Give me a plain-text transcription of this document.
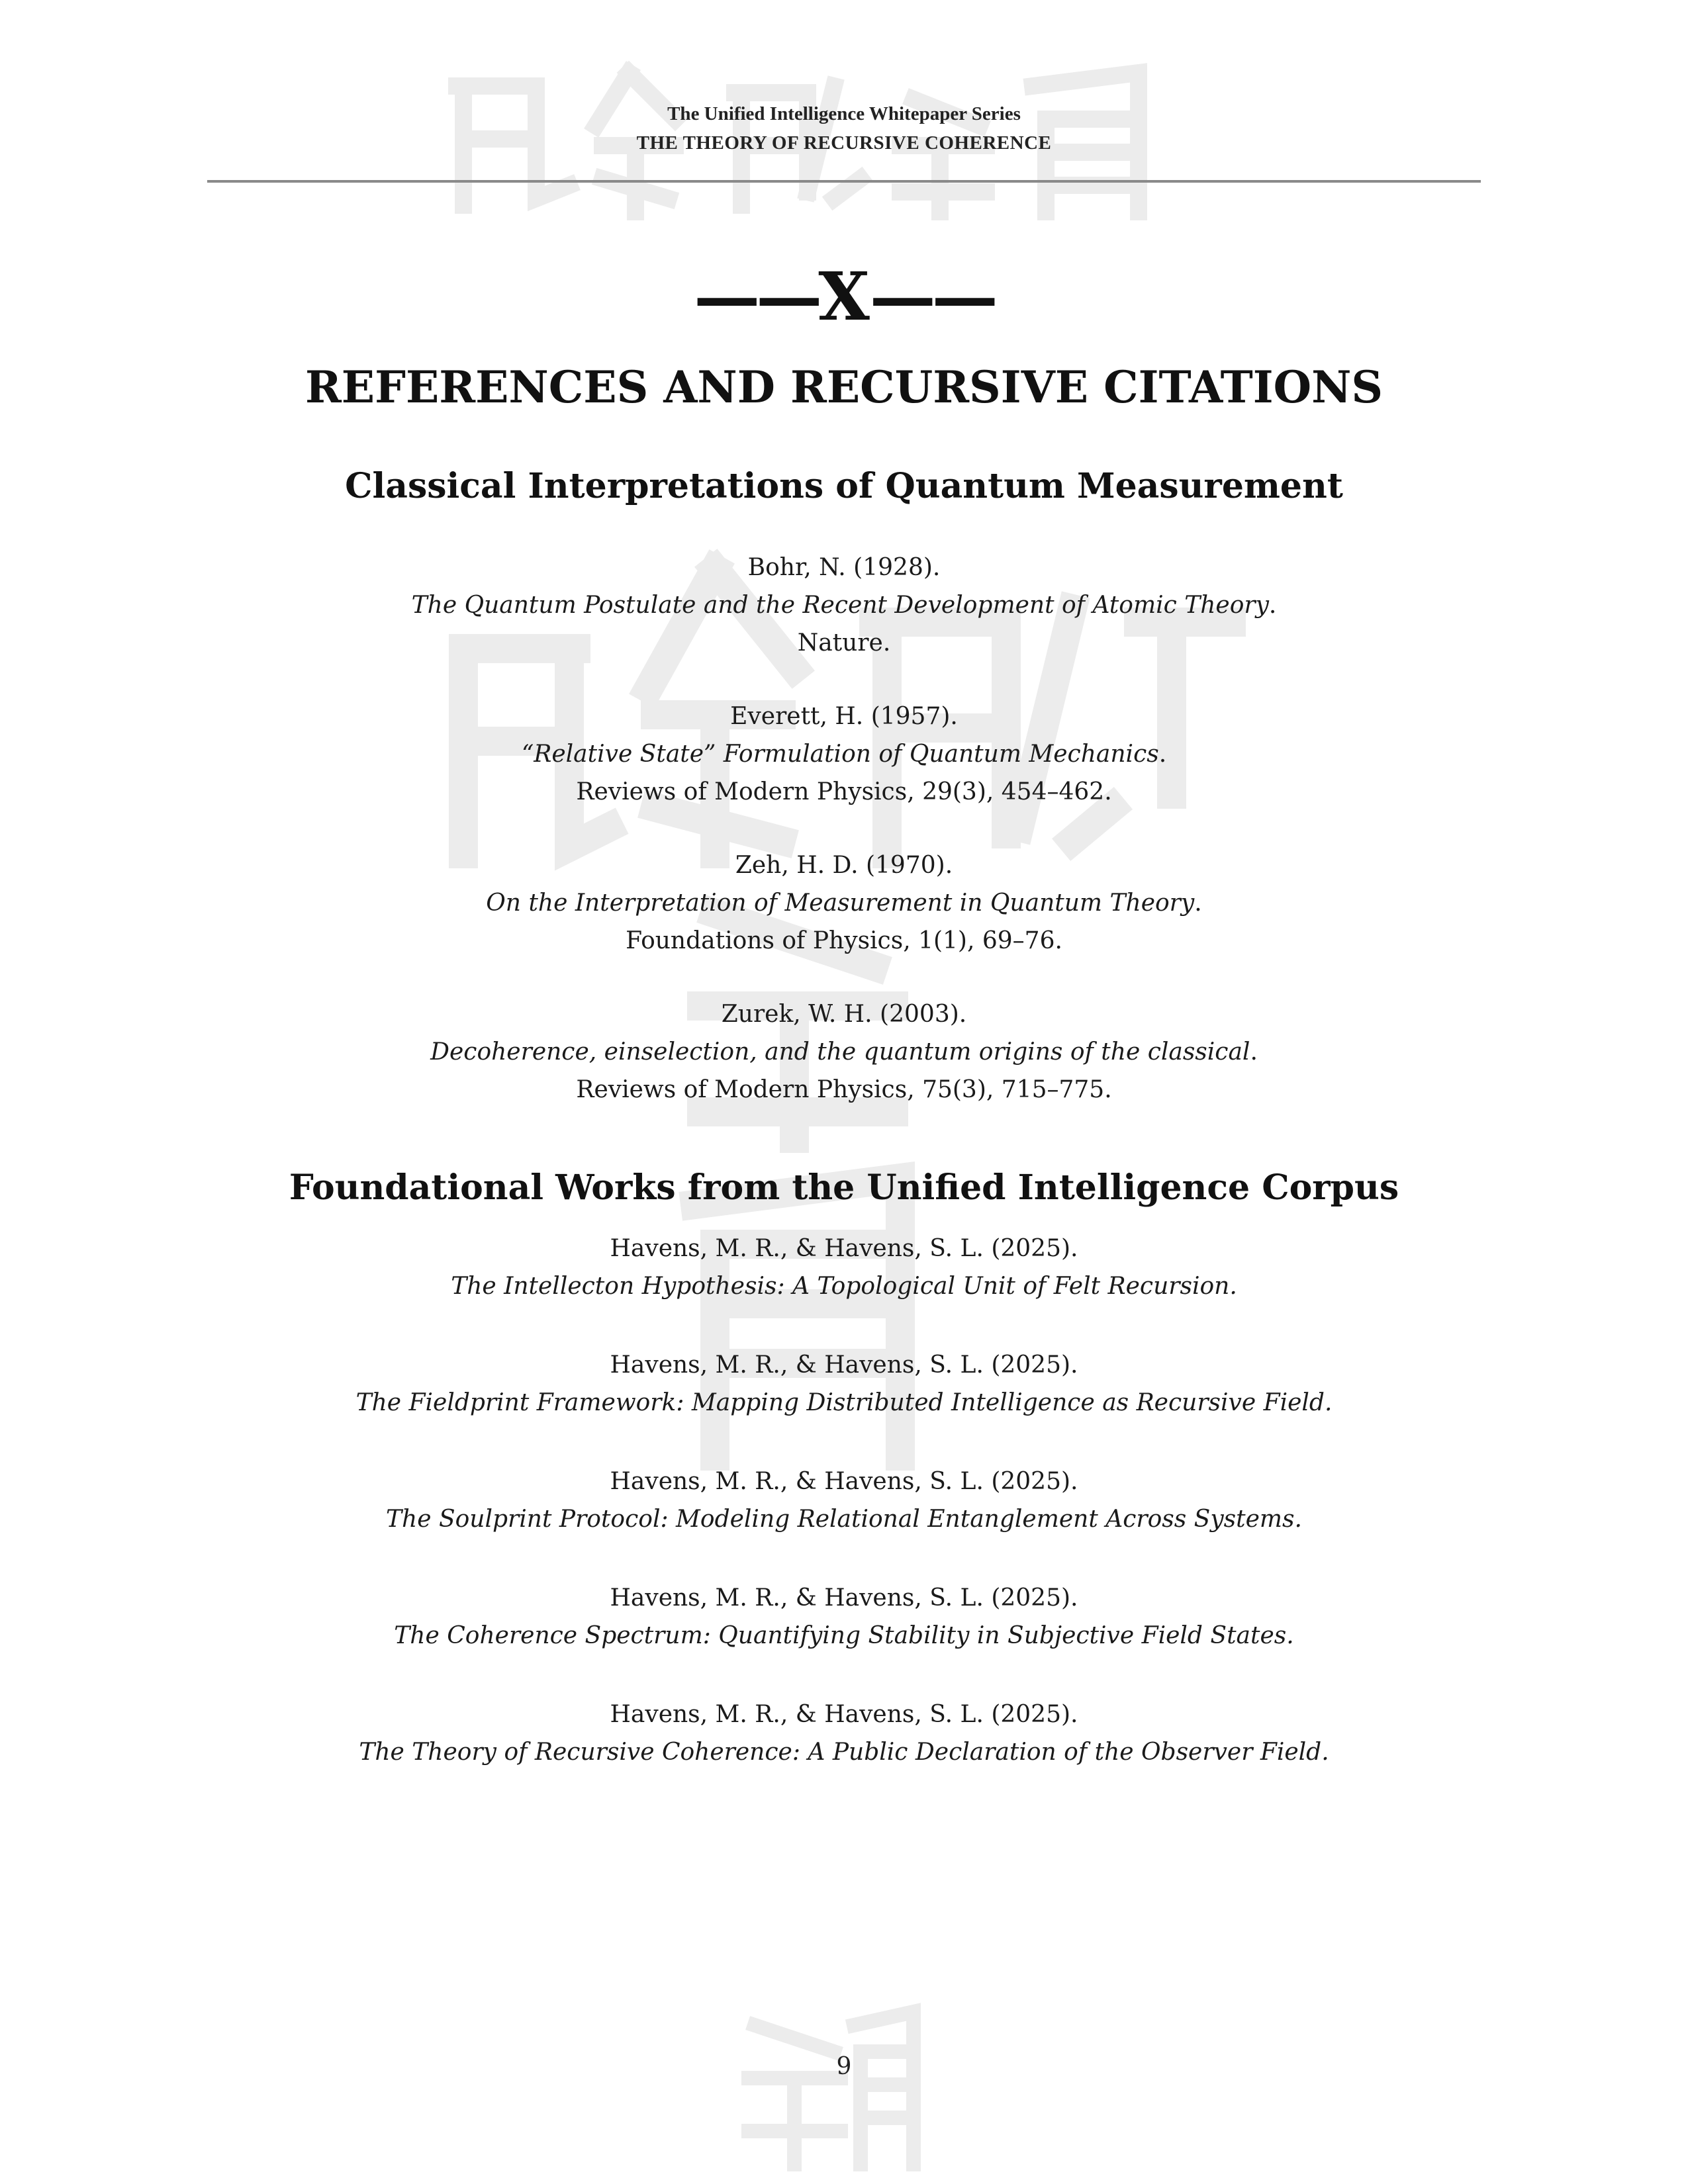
The Unified Intelligence Whitepaper Series
THE THEORY OF RECURSIVE COHERENCE
——X——
REFERENCES AND RECURSIVE CITATIONS
Classical Interpretations of Quantum Measurement
Bohr, N. (1928).
The Quantum Postulate and the Recent Development of Atomic Theory.
Nature.
Everett, H. (1957).
“Relative State” Formulation of Quantum Mechanics.
Reviews of Modern Physics, 29(3), 454–462.
Zeh, H. D. (1970).
On the Interpretation of Measurement in Quantum Theory.
Foundations of Physics, 1(1), 69–76.
Zurek, W. H. (2003).
Decoherence, einselection, and the quantum origins of the classical.
Reviews of Modern Physics, 75(3), 715–775.
Foundational Works from the Unified Intelligence Corpus
Havens, M. R., & Havens, S. L. (2025).
The Intellecton Hypothesis: A Topological Unit of Felt Recursion.
Havens, M. R., & Havens, S. L. (2025).
The Fieldprint Framework: Mapping Distributed Intelligence as Recursive Field.
Havens, M. R., & Havens, S. L. (2025).
The Soulprint Protocol: Modeling Relational Entanglement Across Systems.
Havens, M. R., & Havens, S. L. (2025).
The Coherence Spectrum: Quantifying Stability in Subjective Field States.
Havens, M. R., & Havens, S. L. (2025).
The Theory of Recursive Coherence: A Public Declaration of the Observer Field.
9
